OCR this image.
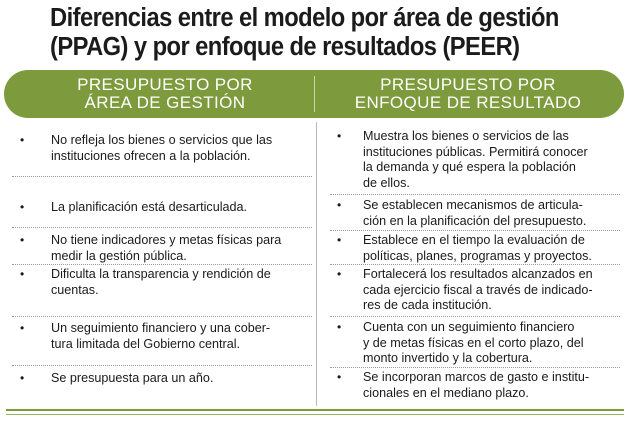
Diferencias entre el modelo por área de gestión
(PPAG) y por enfoque de resultados (PEER)
PRESUPUESTO POR
ÁREA DE GESTIÓN
PRESUPUESTO POR
ENFOQUE DE RESULTADO
• No refleja los bienes o servicios que las
instituciones ofrecen a la población.
• La planificación está desarticulada.
• No tiene indicadores y metas físicas para
medir la gestión pública.
• Dificulta la transparencia y rendición de
cuentas.
• Un seguimiento financiero y una cober-
tura limitada del Gobierno central.
• Se presupuesta para un año.
• Muestra los bienes o servicios de las
instituciones públicas. Permitirá conocer
la demanda y qué espera la población
de ellos.
• Se establecen mecanismos de articula-
ción en la planificación del presupuesto.
• Establece en el tiempo la evaluación de
políticas, planes, programas y proyectos.
• Fortalecerá los resultados alcanzados en
cada ejercicio fiscal a través de indicado-
res de cada institución.
• Cuenta con un seguimiento financiero
y de metas físicas en el corto plazo, del
monto invertido y la cobertura.
• Se incorporan marcos de gasto e institu-
cionales en el mediano plazo.
